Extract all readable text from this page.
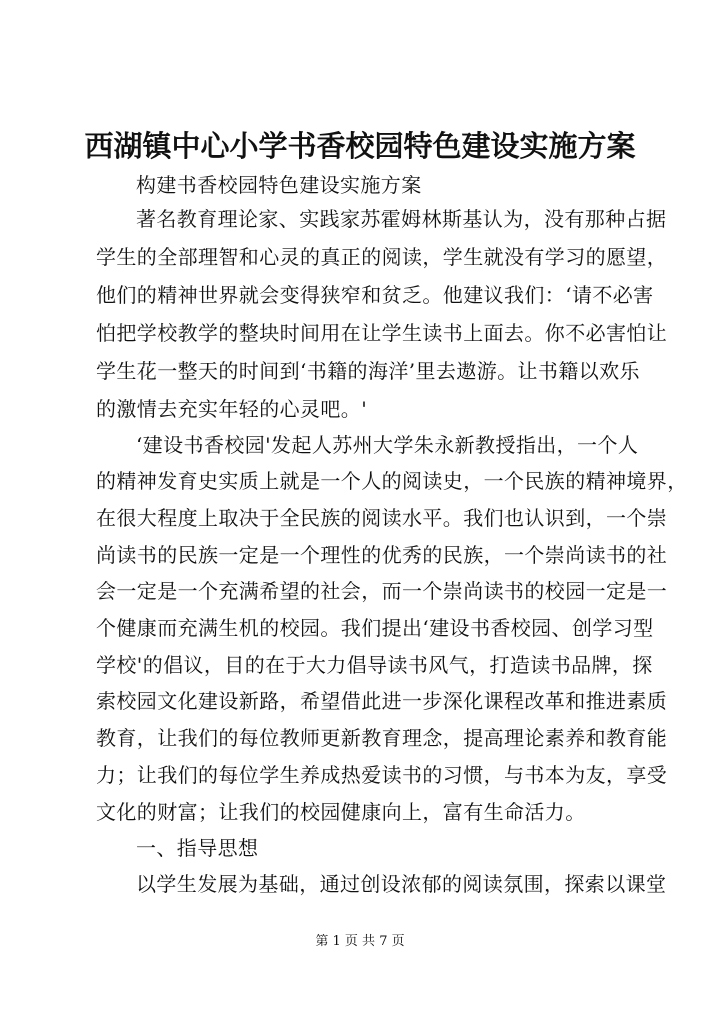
西湖镇中心小学书香校园特色建设实施方案
构建书香校园特色建设实施方案
著名教育理论家、实践家苏霍姆林斯基认为，没有那种占据
学生的全部理智和心灵的真正的阅读，学生就没有学习的愿望，
他们的精神世界就会变得狭窄和贫乏。他建议我们：‘请不必害
怕把学校教学的整块时间用在让学生读书上面去。你不必害怕让
学生花一整天的时间到‘书籍的海洋’里去遨游。让书籍以欢乐
的激情去充实年轻的心灵吧。'
‘建设书香校园'发起人苏州大学朱永新教授指出，一个人
的精神发育史实质上就是一个人的阅读史，一个民族的精神境界，
在很大程度上取决于全民族的阅读水平。我们也认识到，一个崇
尚读书的民族一定是一个理性的优秀的民族，一个崇尚读书的社
会一定是一个充满希望的社会，而一个崇尚读书的校园一定是一
个健康而充满生机的校园。我们提出‘建设书香校园、创学习型
学校'的倡议，目的在于大力倡导读书风气，打造读书品牌，探
索校园文化建设新路，希望借此进一步深化课程改革和推进素质
教育，让我们的每位教师更新教育理念，提高理论素养和教育能
力；让我们的每位学生养成热爱读书的习惯，与书本为友，享受
文化的财富；让我们的校园健康向上，富有生命活力。
一、指导思想
以学生发展为基础，通过创设浓郁的阅读氛围，探索以课堂
第 1 页 共 7 页
